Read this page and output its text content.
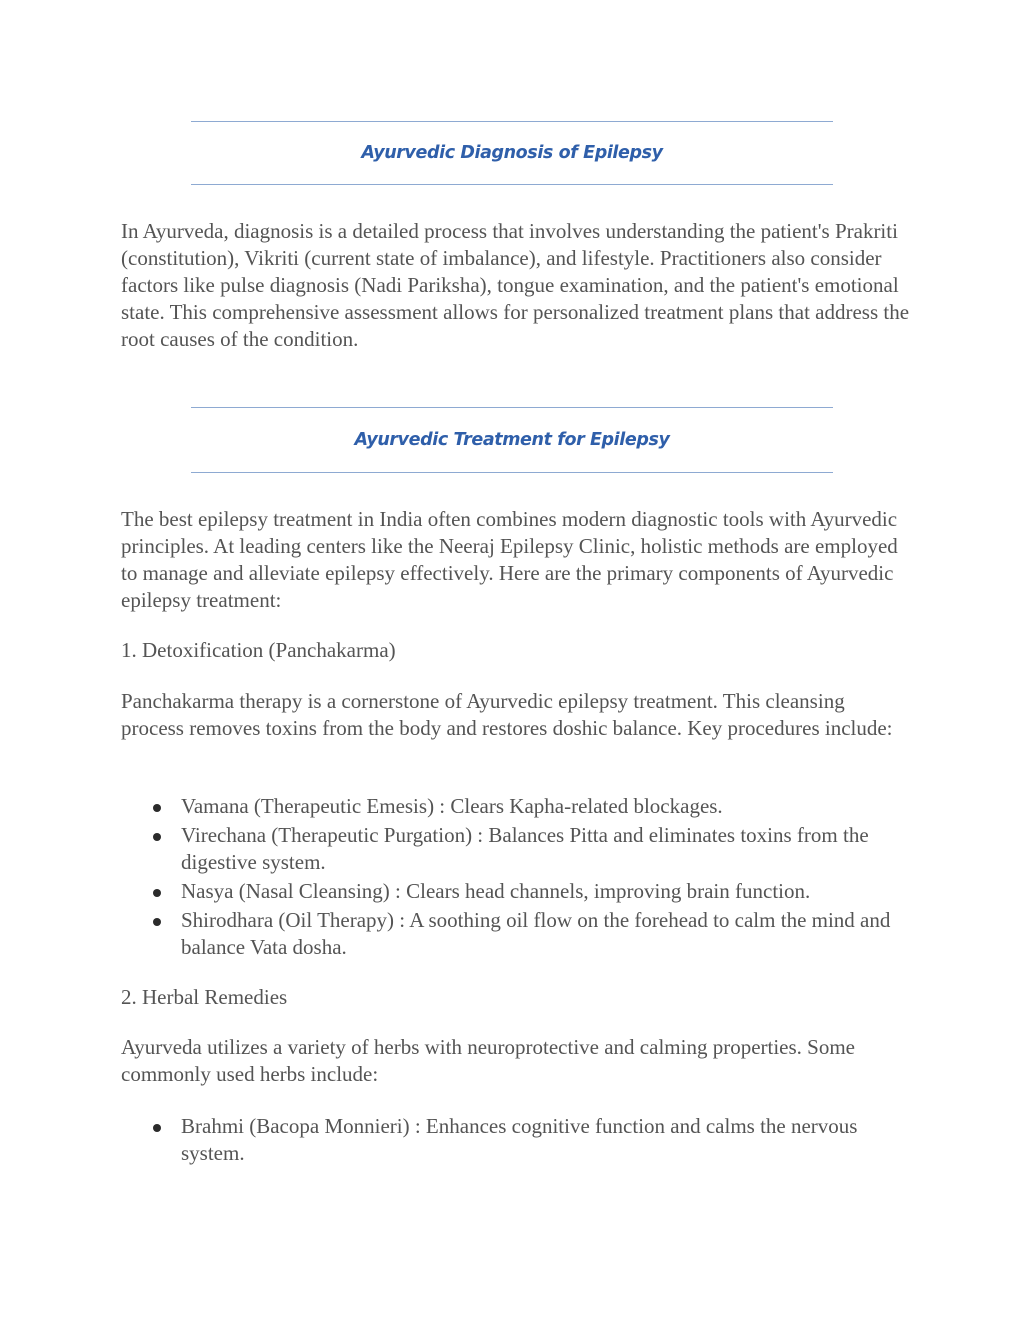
Ayurvedic Diagnosis of Epilepsy

In Ayurveda, diagnosis is a detailed process that involves understanding the patient's Prakriti (constitution), Vikriti (current state of imbalance), and lifestyle. Practitioners also consider factors like pulse diagnosis (Nadi Pariksha), tongue examination, and the patient's emotional state. This comprehensive assessment allows for personalized treatment plans that address the root causes of the condition.

Ayurvedic Treatment for Epilepsy

The best epilepsy treatment in India often combines modern diagnostic tools with Ayurvedic principles. At leading centers like the Neeraj Epilepsy Clinic, holistic methods are employed to manage and alleviate epilepsy effectively. Here are the primary components of Ayurvedic epilepsy treatment:

1. Detoxification (Panchakarma)

Panchakarma therapy is a cornerstone of Ayurvedic epilepsy treatment. This cleansing process removes toxins from the body and restores doshic balance. Key procedures include:

Vamana (Therapeutic Emesis) : Clears Kapha-related blockages.
Virechana (Therapeutic Purgation) : Balances Pitta and eliminates toxins from the digestive system.
Nasya (Nasal Cleansing) : Clears head channels, improving brain function.
Shirodhara (Oil Therapy) : A soothing oil flow on the forehead to calm the mind and balance Vata dosha.

2. Herbal Remedies

Ayurveda utilizes a variety of herbs with neuroprotective and calming properties. Some commonly used herbs include:

Brahmi (Bacopa Monnieri) : Enhances cognitive function and calms the nervous system.
